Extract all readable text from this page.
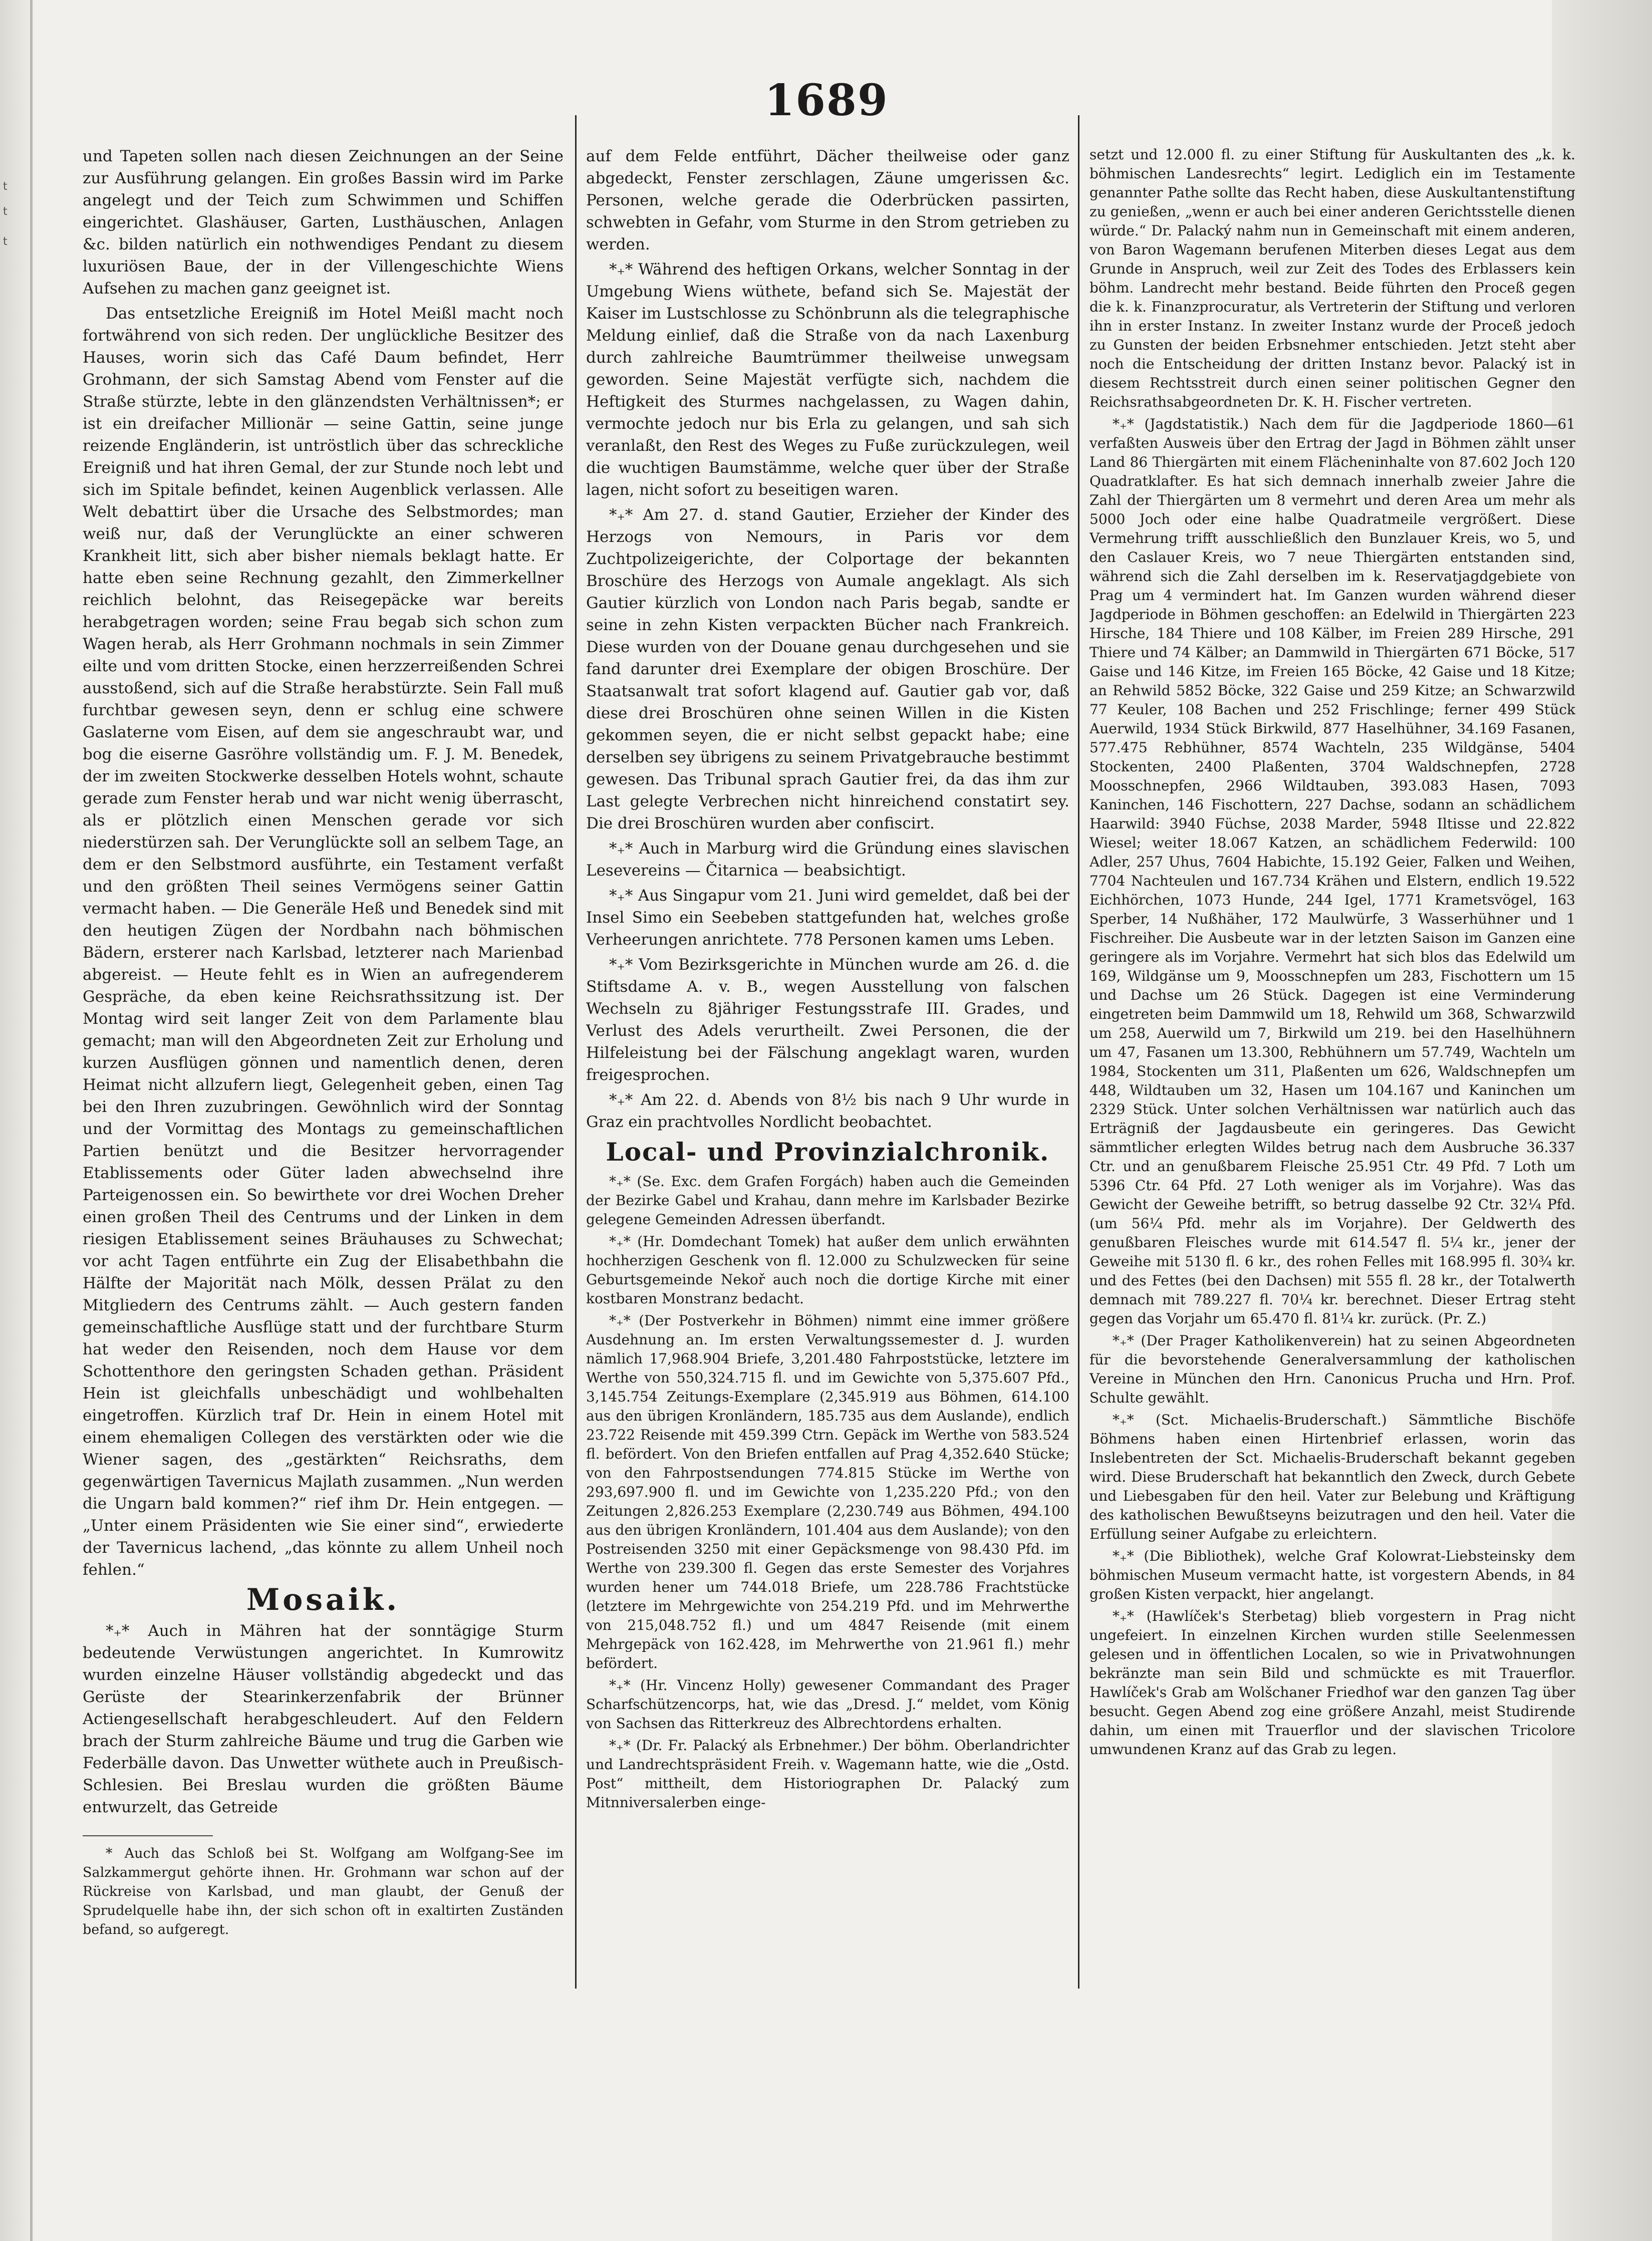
t
t
t
1689

und Tapeten sollen nach diesen Zeichnungen an der Seine zur Ausführung gelangen. Ein großes Bassin wird im Parke angelegt und der Teich zum Schwimmen und Schiffen eingerichtet. Glashäuser, Garten, Lusthäuschen, Anlagen &c. bilden natürlich ein nothwendiges Pendant zu diesem luxuriösen Baue, der in der Villengeschichte Wiens Aufsehen zu machen ganz geeignet ist.

Das entsetzliche Ereigniß im Hotel Meißl macht noch fortwährend von sich reden. Der unglückliche Besitzer des Hauses, worin sich das Café Daum befindet, Herr Grohmann, der sich Samstag Abend vom Fenster auf die Straße stürzte, lebte in den glänzendsten Verhältnissen*; er ist ein dreifacher Millionär — seine Gattin, seine junge reizende Engländerin, ist untröstlich über das schreckliche Ereigniß und hat ihren Gemal, der zur Stunde noch lebt und sich im Spitale befindet, keinen Augenblick verlassen. Alle Welt debattirt über die Ursache des Selbstmordes; man weiß nur, daß der Verunglückte an einer schweren Krankheit litt, sich aber bisher niemals beklagt hatte. Er hatte eben seine Rechnung gezahlt, den Zimmerkellner reichlich belohnt, das Reisegepäcke war bereits herabgetragen worden; seine Frau begab sich schon zum Wagen herab, als Herr Grohmann nochmals in sein Zimmer eilte und vom dritten Stocke, einen herzzerreißenden Schrei ausstoßend, sich auf die Straße herabstürzte. Sein Fall muß furchtbar gewesen seyn, denn er schlug eine schwere Gaslaterne vom Eisen, auf dem sie angeschraubt war, und bog die eiserne Gasröhre vollständig um. F. J. M. Benedek, der im zweiten Stockwerke desselben Hotels wohnt, schaute gerade zum Fenster herab und war nicht wenig überrascht, als er plötzlich einen Menschen gerade vor sich niederstürzen sah. Der Verunglückte soll an selbem Tage, an dem er den Selbstmord ausführte, ein Testament verfaßt und den größten Theil seines Vermögens seiner Gattin vermacht haben. — Die Generäle Heß und Benedek sind mit den heutigen Zügen der Nordbahn nach böhmischen Bädern, ersterer nach Karlsbad, letzterer nach Marienbad abgereist. — Heute fehlt es in Wien an aufregenderem Gespräche, da eben keine Reichsrathssitzung ist. Der Montag wird seit langer Zeit von dem Parlamente blau gemacht; man will den Abgeordneten Zeit zur Erholung und kurzen Ausflügen gönnen und namentlich denen, deren Heimat nicht allzufern liegt, Gelegenheit geben, einen Tag bei den Ihren zuzubringen. Gewöhnlich wird der Sonntag und der Vormittag des Montags zu gemeinschaftlichen Partien benützt und die Besitzer hervorragender Etablissements oder Güter laden abwechselnd ihre Parteigenossen ein. So bewirthete vor drei Wochen Dreher einen großen Theil des Centrums und der Linken in dem riesigen Etablissement seines Bräuhauses zu Schwechat; vor acht Tagen entführte ein Zug der Elisabethbahn die Hälfte der Majorität nach Mölk, dessen Prälat zu den Mitgliedern des Centrums zählt. — Auch gestern fanden gemeinschaftliche Ausflüge statt und der furchtbare Sturm hat weder den Reisenden, noch dem Hause vor dem Schottenthore den geringsten Schaden gethan. Präsident Hein ist gleichfalls unbeschädigt und wohlbehalten eingetroffen. Kürzlich traf Dr. Hein in einem Hotel mit einem ehemaligen Collegen des verstärkten oder wie die Wiener sagen, des „gestärkten“ Reichsraths, dem gegenwärtigen Tavernicus Majlath zusammen. „Nun werden die Ungarn bald kommen?“ rief ihm Dr. Hein entgegen. — „Unter einem Präsidenten wie Sie einer sind“, erwiederte der Tavernicus lachend, „das könnte zu allem Unheil noch fehlen.“

Mosaik.

*₊* Auch in Mähren hat der sonntägige Sturm bedeutende Verwüstungen angerichtet. In Kumrowitz wurden einzelne Häuser vollständig abgedeckt und das Gerüste der Stearinkerzenfabrik der Brünner Actiengesellschaft herabgeschleudert. Auf den Feldern brach der Sturm zahlreiche Bäume und trug die Garben wie Federbälle davon. Das Unwetter wüthete auch in Preußisch-Schlesien. Bei Breslau wurden die größten Bäume entwurzelt, das Getreide

* Auch das Schloß bei St. Wolfgang am Wolfgang-See im Salzkammergut gehörte ihnen. Hr. Grohmann war schon auf der Rückreise von Karlsbad, und man glaubt, der Genuß der Sprudelquelle habe ihn, der sich schon oft in exaltirten Zuständen befand, so aufgeregt.

auf dem Felde entführt, Dächer theilweise oder ganz abgedeckt, Fenster zerschlagen, Zäune umgerissen &c. Personen, welche gerade die Oderbrücken passirten, schwebten in Gefahr, vom Sturme in den Strom getrieben zu werden.

*₊* Während des heftigen Orkans, welcher Sonntag in der Umgebung Wiens wüthete, befand sich Se. Majestät der Kaiser im Lustschlosse zu Schönbrunn als die telegraphische Meldung einlief, daß die Straße von da nach Laxenburg durch zahlreiche Baumtrümmer theilweise unwegsam geworden. Seine Majestät verfügte sich, nachdem die Heftigkeit des Sturmes nachgelassen, zu Wagen dahin, vermochte jedoch nur bis Erla zu gelangen, und sah sich veranlaßt, den Rest des Weges zu Fuße zurückzulegen, weil die wuchtigen Baumstämme, welche quer über der Straße lagen, nicht sofort zu beseitigen waren.

*₊* Am 27. d. stand Gautier, Erzieher der Kinder des Herzogs von Nemours, in Paris vor dem Zuchtpolizeigerichte, der Colportage der bekannten Broschüre des Herzogs von Aumale angeklagt. Als sich Gautier kürzlich von London nach Paris begab, sandte er seine in zehn Kisten verpackten Bücher nach Frankreich. Diese wurden von der Douane genau durchgesehen und sie fand darunter drei Exemplare der obigen Broschüre. Der Staatsanwalt trat sofort klagend auf. Gautier gab vor, daß diese drei Broschüren ohne seinen Willen in die Kisten gekommen seyen, die er nicht selbst gepackt habe; eine derselben sey übrigens zu seinem Privatgebrauche bestimmt gewesen. Das Tribunal sprach Gautier frei, da das ihm zur Last gelegte Verbrechen nicht hinreichend constatirt sey. Die drei Broschüren wurden aber confiscirt.

*₊* Auch in Marburg wird die Gründung eines slavischen Lesevereins — Čitarnica — beabsichtigt.

*₊* Aus Singapur vom 21. Juni wird gemeldet, daß bei der Insel Simo ein Seebeben stattgefunden hat, welches große Verheerungen anrichtete. 778 Personen kamen ums Leben.

*₊* Vom Bezirksgerichte in München wurde am 26. d. die Stiftsdame A. v. B., wegen Ausstellung von falschen Wechseln zu 8jähriger Festungsstrafe III. Grades, und Verlust des Adels verurtheilt. Zwei Personen, die der Hilfeleistung bei der Fälschung angeklagt waren, wurden freigesprochen.

*₊* Am 22. d. Abends von 8½ bis nach 9 Uhr wurde in Graz ein prachtvolles Nordlicht beobachtet.

Local- und Provinzialchronik.

*₊* (Se. Exc. dem Grafen Forgách) haben auch die Gemeinden der Bezirke Gabel und Krahau, dann mehre im Karlsbader Bezirke gelegene Gemeinden Adressen überfandt.

*₊* (Hr. Domdechant Tomek) hat außer dem unlich erwähnten hochherzigen Geschenk von fl. 12.000 zu Schulzwecken für seine Geburtsgemeinde Nekoř auch noch die dortige Kirche mit einer kostbaren Monstranz bedacht.

*₊* (Der Postverkehr in Böhmen) nimmt eine immer größere Ausdehnung an. Im ersten Verwaltungssemester d. J. wurden nämlich 17,968.904 Briefe, 3,201.480 Fahrpoststücke, letztere im Werthe von 550,324.715 fl. und im Gewichte von 5,375.607 Pfd., 3,145.754 Zeitungs-Exemplare (2,345.919 aus Böhmen, 614.100 aus den übrigen Kronländern, 185.735 aus dem Auslande), endlich 23.722 Reisende mit 459.399 Ctrn. Gepäck im Werthe von 583.524 fl. befördert. Von den Briefen entfallen auf Prag 4,352.640 Stücke; von den Fahrpostsendungen 774.815 Stücke im Werthe von 293,697.900 fl. und im Gewichte von 1,235.220 Pfd.; von den Zeitungen 2,826.253 Exemplare (2,230.749 aus Böhmen, 494.100 aus den übrigen Kronländern, 101.404 aus dem Auslande); von den Postreisenden 3250 mit einer Gepäcksmenge von 98.430 Pfd. im Werthe von 239.300 fl. Gegen das erste Semester des Vorjahres wurden hener um 744.018 Briefe, um 228.786 Frachtstücke (letztere im Mehrgewichte von 254.219 Pfd. und im Mehrwerthe von 215,048.752 fl.) und um 4847 Reisende (mit einem Mehrgepäck von 162.428, im Mehrwerthe von 21.961 fl.) mehr befördert.

*₊* (Hr. Vincenz Holly) gewesener Commandant des Prager Scharfschützencorps, hat, wie das „Dresd. J.“ meldet, vom König von Sachsen das Ritterkreuz des Albrechtordens erhalten.

*₊* (Dr. Fr. Palacký als Erbnehmer.) Der böhm. Oberlandrichter und Landrechtspräsident Freih. v. Wagemann hatte, wie die „Ostd. Post“ mittheilt, dem Historiographen Dr. Palacký zum Mitnniversalerben einge-

setzt und 12.000 fl. zu einer Stiftung für Auskultanten des „k. k. böhmischen Landesrechts“ legirt. Lediglich ein im Testamente genannter Pathe sollte das Recht haben, diese Auskultantenstiftung zu genießen, „wenn er auch bei einer anderen Gerichtsstelle dienen würde.“ Dr. Palacký nahm nun in Gemeinschaft mit einem anderen, von Baron Wagemann berufenen Miterben dieses Legat aus dem Grunde in Anspruch, weil zur Zeit des Todes des Erblassers kein böhm. Landrecht mehr bestand. Beide führten den Proceß gegen die k. k. Finanzprocuratur, als Vertreterin der Stiftung und verloren ihn in erster Instanz. In zweiter Instanz wurde der Proceß jedoch zu Gunsten der beiden Erbsnehmer entschieden. Jetzt steht aber noch die Entscheidung der dritten Instanz bevor. Palacký ist in diesem Rechtsstreit durch einen seiner politischen Gegner den Reichsrathsabgeordneten Dr. K. H. Fischer vertreten.

*₊* (Jagdstatistik.) Nach dem für die Jagdperiode 1860—61 verfaßten Ausweis über den Ertrag der Jagd in Böhmen zählt unser Land 86 Thiergärten mit einem Flächeninhalte von 87.602 Joch 120 Quadratklafter. Es hat sich demnach innerhalb zweier Jahre die Zahl der Thiergärten um 8 vermehrt und deren Area um mehr als 5000 Joch oder eine halbe Quadratmeile vergrößert. Diese Vermehrung trifft ausschließlich den Bunzlauer Kreis, wo 5, und den Caslauer Kreis, wo 7 neue Thiergärten entstanden sind, während sich die Zahl derselben im k. Reservatjagdgebiete von Prag um 4 vermindert hat. Im Ganzen wurden während dieser Jagdperiode in Böhmen geschoffen: an Edelwild in Thiergärten 223 Hirsche, 184 Thiere und 108 Kälber, im Freien 289 Hirsche, 291 Thiere und 74 Kälber; an Dammwild in Thiergärten 671 Böcke, 517 Gaise und 146 Kitze, im Freien 165 Böcke, 42 Gaise und 18 Kitze; an Rehwild 5852 Böcke, 322 Gaise und 259 Kitze; an Schwarzwild 77 Keuler, 108 Bachen und 252 Frischlinge; ferner 499 Stück Auerwild, 1934 Stück Birkwild, 877 Haselhühner, 34.169 Fasanen, 577.475 Rebhühner, 8574 Wachteln, 235 Wildgänse, 5404 Stockenten, 2400 Plaßenten, 3704 Waldschnepfen, 2728 Moosschnepfen, 2966 Wildtauben, 393.083 Hasen, 7093 Kaninchen, 146 Fischottern, 227 Dachse, sodann an schädlichem Haarwild: 3940 Füchse, 2038 Marder, 5948 Iltisse und 22.822 Wiesel; weiter 18.067 Katzen, an schädlichem Federwild: 100 Adler, 257 Uhus, 7604 Habichte, 15.192 Geier, Falken und Weihen, 7704 Nachteulen und 167.734 Krähen und Elstern, endlich 19.522 Eichhörchen, 1073 Hunde, 244 Igel, 1771 Krametsvögel, 163 Sperber, 14 Nußhäher, 172 Maulwürfe, 3 Wasserhühner und 1 Fischreiher. Die Ausbeute war in der letzten Saison im Ganzen eine geringere als im Vorjahre. Vermehrt hat sich blos das Edelwild um 169, Wildgänse um 9, Moosschnepfen um 283, Fischottern um 15 und Dachse um 26 Stück. Dagegen ist eine Verminderung eingetreten beim Dammwild um 18, Rehwild um 368, Schwarzwild um 258, Auerwild um 7, Birkwild um 219. bei den Haselhühnern um 47, Fasanen um 13.300, Rebhühnern um 57.749, Wachteln um 1984, Stockenten um 311, Plaßenten um 626, Waldschnepfen um 448, Wildtauben um 32, Hasen um 104.167 und Kaninchen um 2329 Stück. Unter solchen Verhältnissen war natürlich auch das Erträgniß der Jagdausbeute ein geringeres. Das Gewicht sämmtlicher erlegten Wildes betrug nach dem Ausbruche 36.337 Ctr. und an genußbarem Fleische 25.951 Ctr. 49 Pfd. 7 Loth um 5396 Ctr. 64 Pfd. 27 Loth weniger als im Vorjahre). Was das Gewicht der Geweihe betrifft, so betrug dasselbe 92 Ctr. 32¼ Pfd. (um 56¼ Pfd. mehr als im Vorjahre). Der Geldwerth des genußbaren Fleisches wurde mit 614.547 fl. 5¼ kr., jener der Geweihe mit 5130 fl. 6 kr., des rohen Felles mit 168.995 fl. 30¾ kr. und des Fettes (bei den Dachsen) mit 555 fl. 28 kr., der Totalwerth demnach mit 789.227 fl. 70¼ kr. berechnet. Dieser Ertrag steht gegen das Vorjahr um 65.470 fl. 81¼ kr. zurück. (Pr. Z.)

*₊* (Der Prager Katholikenverein) hat zu seinen Abgeordneten für die bevorstehende Generalversammlung der katholischen Vereine in München den Hrn. Canonicus Prucha und Hrn. Prof. Schulte gewählt.

*₊* (Sct. Michaelis-Bruderschaft.) Sämmtliche Bischöfe Böhmens haben einen Hirtenbrief erlassen, worin das Inslebentreten der Sct. Michaelis-Bruderschaft bekannt gegeben wird. Diese Bruderschaft hat bekanntlich den Zweck, durch Gebete und Liebesgaben für den heil. Vater zur Belebung und Kräftigung des katholischen Bewußtseyns beizutragen und den heil. Vater die Erfüllung seiner Aufgabe zu erleichtern.

*₊* (Die Bibliothek), welche Graf Kolowrat-Liebsteinsky dem böhmischen Museum vermacht hatte, ist vorgestern Abends, in 84 großen Kisten verpackt, hier angelangt.

*₊* (Hawlíček's Sterbetag) blieb vorgestern in Prag nicht ungefeiert. In einzelnen Kirchen wurden stille Seelenmessen gelesen und in öffentlichen Localen, so wie in Privatwohnungen bekränzte man sein Bild und schmückte es mit Trauerflor. Hawlíček's Grab am Wolšchaner Friedhof war den ganzen Tag über besucht. Gegen Abend zog eine größere Anzahl, meist Studirende dahin, um einen mit Trauerflor und der slavischen Tricolore umwundenen Kranz auf das Grab zu legen.
